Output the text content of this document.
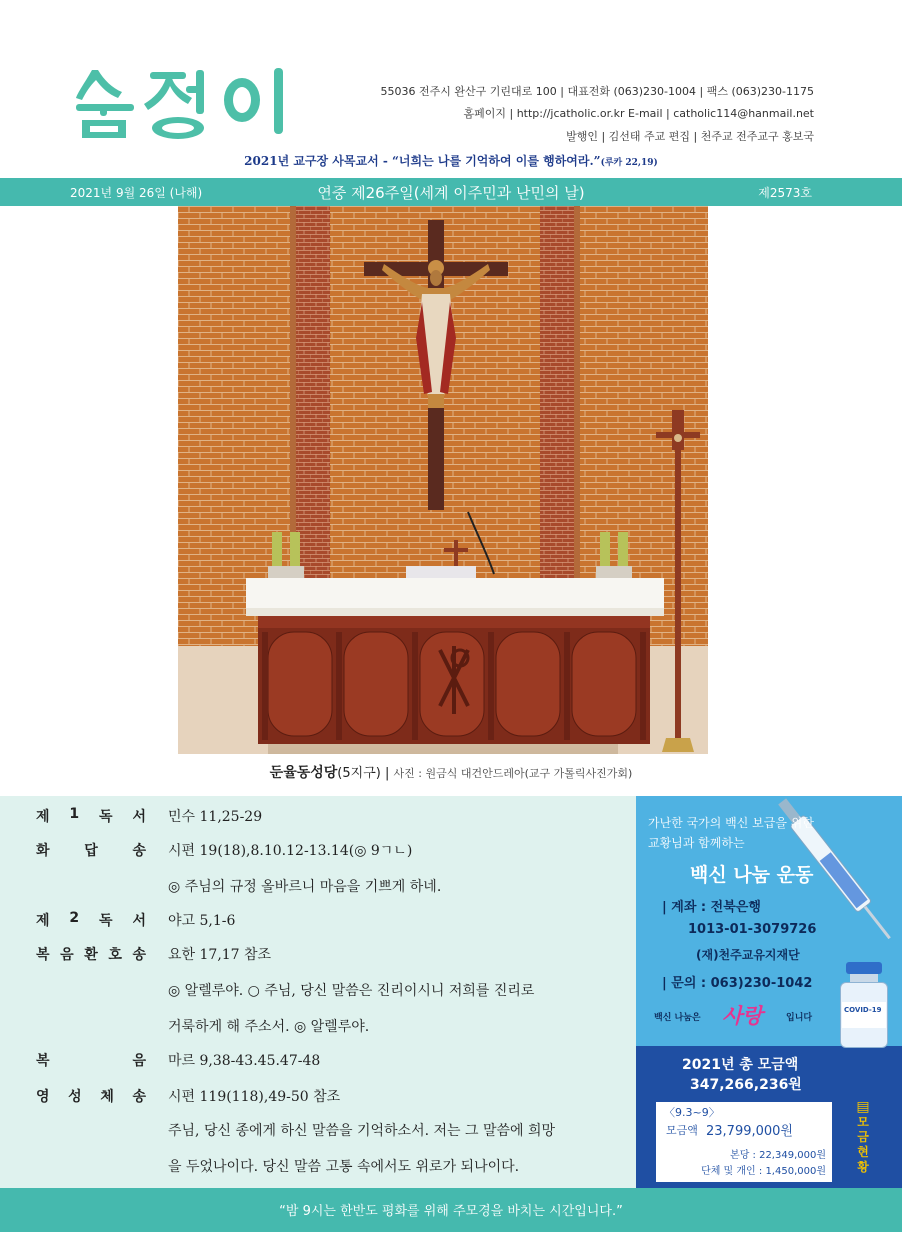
55036 전주시 완산구 기린대로 100 | 대표전화 (063)230-1004 | 팩스 (063)230-1175
홈페이지 | http://jcatholic.or.kr E-mail | catholic114@hanmail.net
발행인 | 김선태 주교 편집 | 천주교 전주교구 홍보국
2021년 교구장 사목교서 - “너희는 나를 기억하여 이를 행하여라.”(루카 22,19)
2021년 9월 26일 (나해)	연중 제26주일(세계 이주민과 난민의 날)	제2573호
둔율동성당(5지구) | 사진 : 원금식 대건안드레아(교구 가톨릭사진가회)
제 1 독 서 민수 11,25-29
화 답 송 시편 19(18),8.10.12-13.14(◎ 9ㄱㄴ)
◎ 주님의 규정 올바르니 마음을 기쁘게 하네.
제 2 독 서 야고 5,1-6
복 음 환 호 송 요한 17,17 참조
◎ 알렐루야. ○ 주님, 당신 말씀은 진리이시니 저희를 진리로
거룩하게 해 주소서. ◎ 알렐루야.
복	음 마르 9,38-43.45.47-48
영 성 체 송 시편 119(118),49-50 참조
주님, 당신 종에게 하신 말씀을 기억하소서. 저는 그 말씀에 희망
을 두었나이다. 당신 말씀 고통 속에서도 위로가 되나이다.
가난한 국가의 백신 보급을 위한
교황님과 함께하는
백신 나눔 운동
| 계좌 : 전북은행
1013-01-3079726
(재)천주교유지재단
| 문의 : 063)230-1042
백신 나눔은 사랑	입니다
COVID-19
2021년 총 모금액
347,266,236원
〈9.3~9〉
모금액 23,799,000원
본당 : 22,349,000원
단체 및 개인 : 1,450,000원
▤
모
금
현
황
“밤 9시는 한반도 평화를 위해 주모경을 바치는 시간입니다.”
